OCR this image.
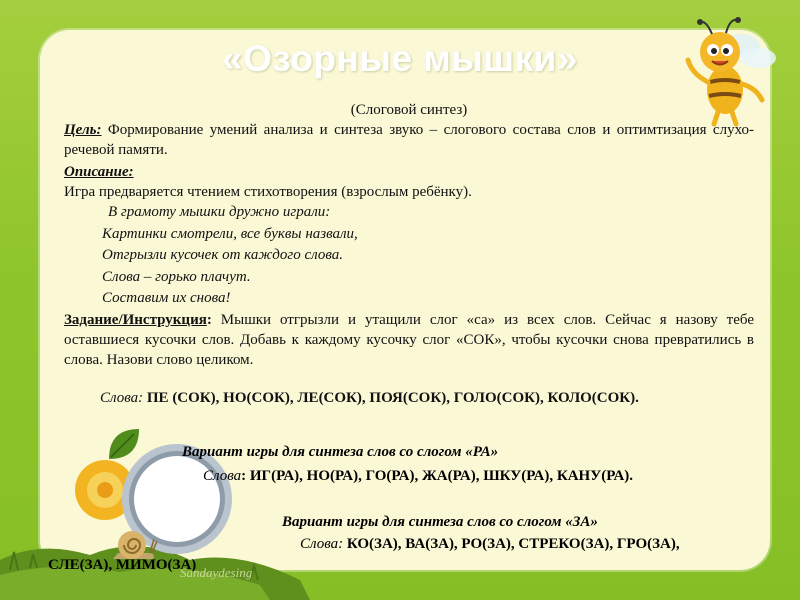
«Озорные мышки»
(Слоговой синтез)
Цель: Формирование умений анализа и синтеза звуко – слогового состава слов и оптимтизация слухо-речевой памяти.
Описание:
Игра предваряется чтением стихотворения (взрослым ребёнку).
В грамоту мышки дружно играли:
Картинки смотрели, все буквы назвали,
Отгрызли кусочек от каждого слова.
Слова – горько плачут.
Составим их снова!
Задание/Инструкция: Мышки отгрызли и утащили слог «са» из всех слов. Сейчас я назову тебе оставшиеся кусочки слов. Добавь к каждому кусочку слог «СОК», чтобы кусочки снова превратились в слова. Назови слово целиком.
Слова: ПЕ (СОК), НО(СОК), ЛЕ(СОК), ПОЯ(СОК), ГОЛО(СОК), КОЛО(СОК).
Вариант игры для синтеза слов со слогом «РА»
Слова: ИГ(РА), НО(РА), ГО(РА), ЖА(РА), ШКУ(РА), КАНУ(РА).
Вариант игры для синтеза слов со слогом «ЗА»
Слова: КО(ЗА), ВА(ЗА), РО(ЗА), СТРЕКО(ЗА), ГРО(ЗА),
СЛЕ(ЗА), МИМО(ЗА)
Sandaydesing
